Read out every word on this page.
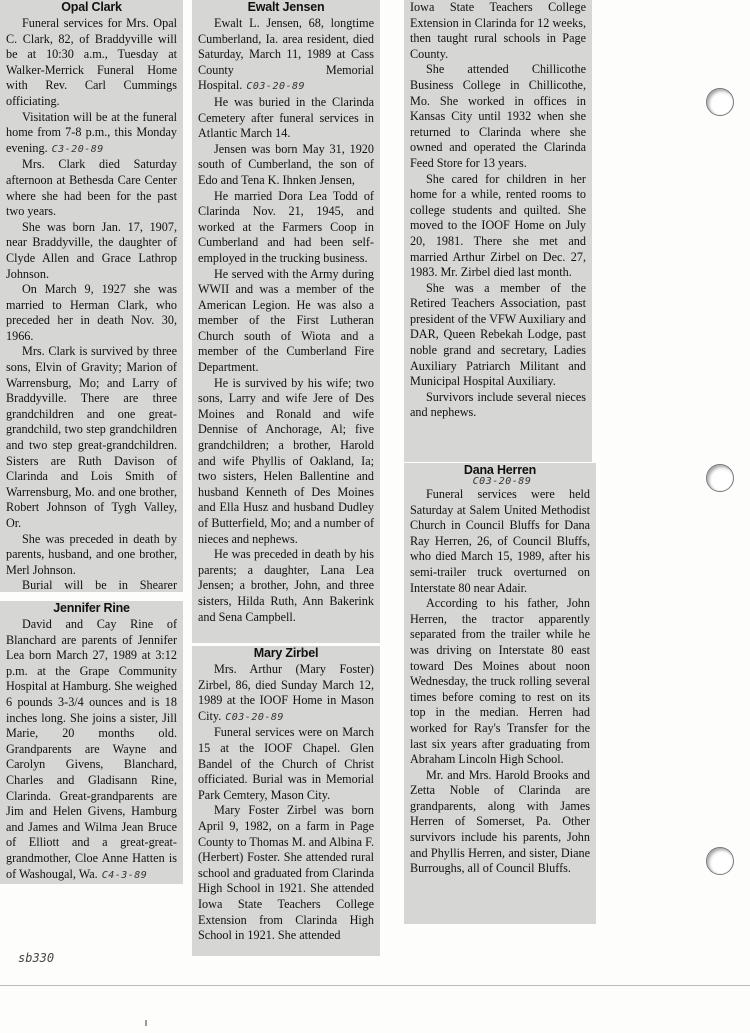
Opal Clark

Funeral services for Mrs. Opal C. Clark, 82, of Braddyville will be at 10:30 a.m., Tuesday at Walker-Merrick Funeral Home with Rev. Carl Cummings officiating.

Visitation will be at the funeral home from 7-8 p.m., this Monday evening. C3-20-89

Mrs. Clark died Saturday afternoon at Bethesda Care Center where she had been for the past two years.

She was born Jan. 17, 1907, near Braddyville, the daughter of Clyde Allen and Grace Lathrop Johnson.

On March 9, 1927 she was married to Herman Clark, who preceded her in death Nov. 30, 1966.

Mrs. Clark is survived by three sons, Elvin of Gravity; Marion of Warrensburg, Mo; and Larry of Braddyville. There are three grandchildren and one great-grandchild, two step grandchildren and two step great-grandchildren. Sisters are Ruth Davison of Clarinda and Lois Smith of Warrensburg, Mo. and one brother, Robert Johnson of Tygh Valley, Or.

She was preceded in death by parents, husband, and one brother, Merl Johnson.

Burial will be in Shearer

Jennifer Rine

David and Cay Rine of Blanchard are parents of Jennifer Lea born March 27, 1989 at 3:12 p.m. at the Grape Community Hospital at Hamburg. She weighed 6 pounds 3-3/4 ounces and is 18 inches long. She joins a sister, Jill Marie, 20 months old. Grandparents are Wayne and Carolyn Givens, Blanchard, Charles and Gladisann Rine, Clarinda. Great-grandparents are Jim and Helen Givens, Hamburg and James and Wilma Jean Bruce of Elliott and a great-great-grandmother, Cloe Anne Hatten is of Washougal, Wa. C4-3-89

Ewalt Jensen

Ewalt L. Jensen, 68, longtime Cumberland, Ia. area resident, died Saturday, March 11, 1989 at Cass County Memorial Hospital. C03-20-89

He was buried in the Clarinda Cemetery after funeral services in Atlantic March 14.

Jensen was born May 31, 1920 south of Cumberland, the son of Edo and Tena K. Ihnken Jensen,

He married Dora Lea Todd of Clarinda Nov. 21, 1945, and worked at the Farmers Coop in Cumberland and had been self-employed in the trucking business.

He served with the Army during WWII and was a member of the American Legion. He was also a member of the First Lutheran Church south of Wiota and a member of the Cumberland Fire Department.

He is survived by his wife; two sons, Larry and wife Jere of Des Moines and Ronald and wife Dennise of Anchorage, Al; five grandchildren; a brother, Harold and wife Phyllis of Oakland, Ia; two sisters, Helen Ballentine and husband Kenneth of Des Moines and Ella Husz and husband Dudley of Butterfield, Mo; and a number of nieces and nephews.

He was preceded in death by his parents; a daughter, Lana Lea Jensen; a brother, John, and three sisters, Hilda Ruth, Ann Bakerink and Sena Campbell.

Mary Zirbel

Mrs. Arthur (Mary Foster) Zirbel, 86, died Sunday March 12, 1989 at the IOOF Home in Mason City. C03-20-89

Funeral services were on March 15 at the IOOF Chapel. Glen Bandel of the Church of Christ officiated. Burial was in Memorial Park Cemtery, Mason City.

Mary Foster Zirbel was born April 9, 1982, on a farm in Page County to Thomas M. and Albina F. (Herbert) Foster. She attended rural school and graduated from Clarinda High School in 1921. She attended Iowa State Teachers College Extension from Clarinda High School in 1921. She attended

Iowa State Teachers College Extension in Clarinda for 12 weeks, then taught rural schools in Page County.

She attended Chillicothe Business College in Chillicothe, Mo. She worked in offices in Kansas City until 1932 when she returned to Clarinda where she owned and operated the Clarinda Feed Store for 13 years.

She cared for children in her home for a while, rented rooms to college students and quilted. She moved to the IOOF Home on July 20, 1981. There she met and married Arthur Zirbel on Dec. 27, 1983. Mr. Zirbel died last month.

She was a member of the Retired Teachers Association, past president of the VFW Auxiliary and DAR, Queen Rebekah Lodge, past noble grand and secretary, Ladies Auxiliary Patriarch Militant and Municipal Hospital Auxiliary.

Survivors include several nieces and nephews.

Dana Herren
C03-20-89

Funeral services were held Saturday at Salem United Methodist Church in Council Bluffs for Dana Ray Herren, 26, of Council Bluffs, who died March 15, 1989, after his semi-trailer truck overturned on Interstate 80 near Adair.

According to his father, John Herren, the tractor apparently separated from the trailer while he was driving on Interstate 80 east toward Des Moines about noon Wednesday, the truck rolling several times before coming to rest on its top in the median. Herren had worked for Ray's Transfer for the last six years after graduating from Abraham Lincoln High School.

Mr. and Mrs. Harold Brooks and Zetta Noble of Clarinda are grandparents, along with James Herren of Somerset, Pa. Other survivors include his parents, John and Phyllis Herren, and sister, Diane Burroughs, all of Council Bluffs.

sb330
